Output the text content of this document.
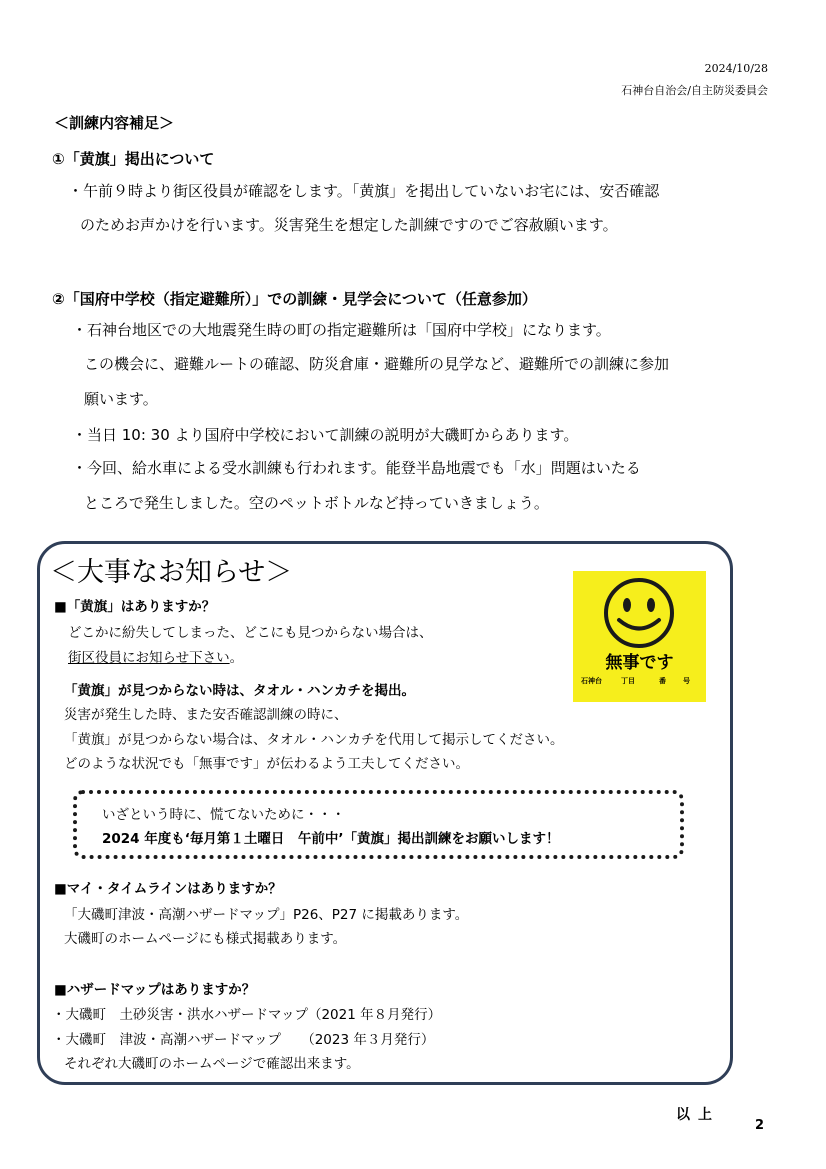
2024/10/28
石神台自治会/自主防災委員会
＜訓練内容補足＞
①「黄旗」掲出について
・午前９時より街区役員が確認をします。「黄旗」を掲出していないお宅には、安否確認
のためお声かけを行います。災害発生を想定した訓練ですのでご容赦願います。
②「国府中学校（指定避難所）」での訓練・見学会について（任意参加）
・石神台地区での大地震発生時の町の指定避難所は「国府中学校」になります。
この機会に、避難ルートの確認、防災倉庫・避難所の見学など、避難所での訓練に参加
願います。
・当日 10: 30 より国府中学校において訓練の説明が大磯町からあります。
・今回、給水車による受水訓練も行われます。能登半島地震でも「水」問題はいたる
ところで発生しました。空のペットボトルなど持っていきましょう。
＜大事なお知らせ＞
■「黄旗」はありますか？
どこかに紛失してしまった、どこにも見つからない場合は、
街区役員にお知らせ下さい。
「黄旗」が見つからない時は、タオル・ハンカチを掲出。
災害が発生した時、また安否確認訓練の時に、
「黄旗」が見つからない場合は、タオル・ハンカチを代用して掲示してください。
どのような状況でも「無事です」が伝わるよう工夫してください。
無事です
石神台	丁目	番 号
いざという時に、慌てないために・・・
2024 年度も‘毎月第１土曜日　午前中’「黄旗」掲出訓練をお願いします！
■マイ・タイムラインはありますか？
「大磯町津波・高潮ハザードマップ」P26、P27 に掲載あります。
大磯町のホームページにも様式掲載あります。
■ハザードマップはありますか？
・大磯町　土砂災害・洪水ハザードマップ（2021 年８月発行）
・大磯町　津波・高潮ハザードマップ　　（2023 年３月発行）
それぞれ大磯町のホームページで確認出来ます。
以上
2
